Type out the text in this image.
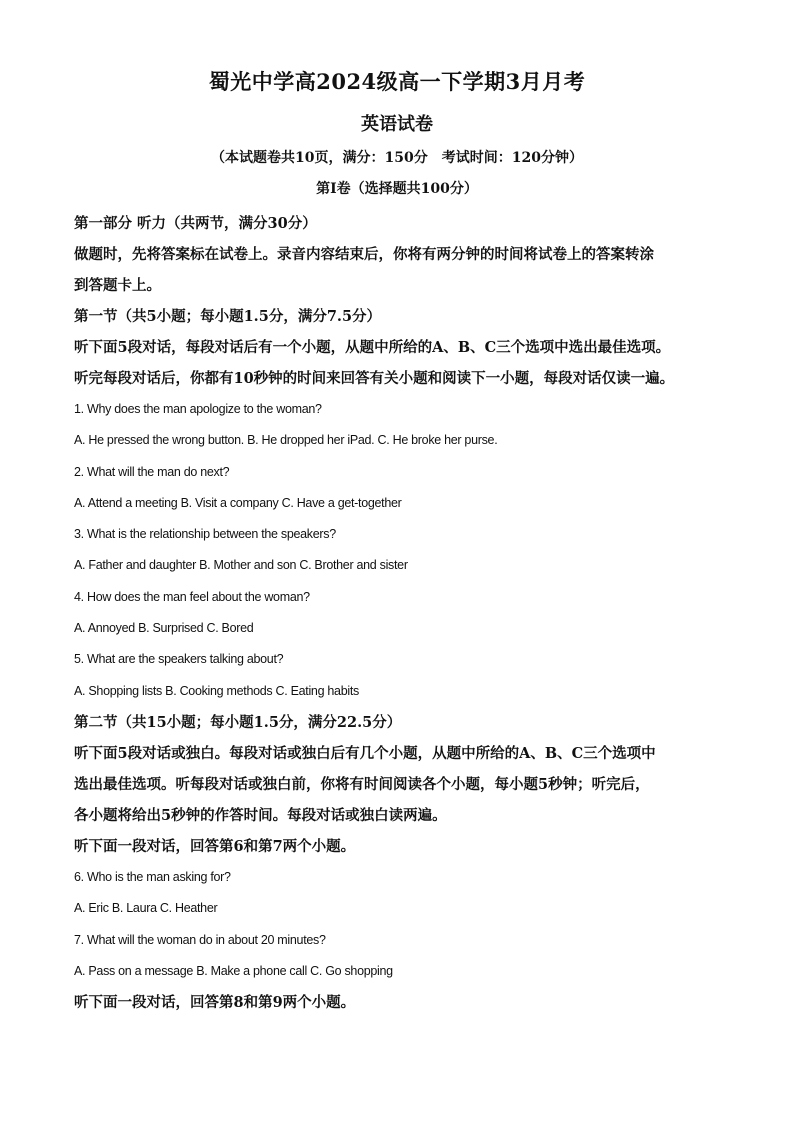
蜀光中学高2024级高一下学期3月月考
英语试卷
（本试题卷共10页，满分：150分　考试时间：120分钟）
第I卷（选择题共100分）

第一部分 听力（共两节，满分30分）

做题时，先将答案标在试卷上。录音内容结束后，你将有两分钟的时间将试卷上的答案转涂

到答题卡上。

第一节（共5小题；每小题1.5分，满分7.5分）

听下面5段对话，每段对话后有一个小题，从题中所给的A、B、C三个选项中选出最佳选项。

听完每段对话后，你都有10秒钟的时间来回答有关小题和阅读下一小题，每段对话仅读一遍。

1. Why does the man apologize to the woman?

A. He pressed the wrong button. B. He dropped her iPad. C. He broke her purse.

2. What will the man do next?

A. Attend a meeting B. Visit a company C. Have a get-together

3. What is the relationship between the speakers?

A. Father and daughter B. Mother and son C. Brother and sister

4. How does the man feel about the woman?

A. Annoyed B. Surprised C. Bored

5. What are the speakers talking about?

A. Shopping lists B. Cooking methods C. Eating habits

第二节（共15小题；每小题1.5分，满分22.5分）

听下面5段对话或独白。每段对话或独白后有几个小题，从题中所给的A、B、C三个选项中

选出最佳选项。听每段对话或独白前，你将有时间阅读各个小题，每小题5秒钟；听完后，

各小题将给出5秒钟的作答时间。每段对话或独白读两遍。

听下面一段对话，回答第6和第7两个小题。

6. Who is the man asking for?

A. Eric B. Laura C. Heather

7. What will the woman do in about 20 minutes?

A. Pass on a message B. Make a phone call C. Go shopping

听下面一段对话，回答第8和第9两个小题。
